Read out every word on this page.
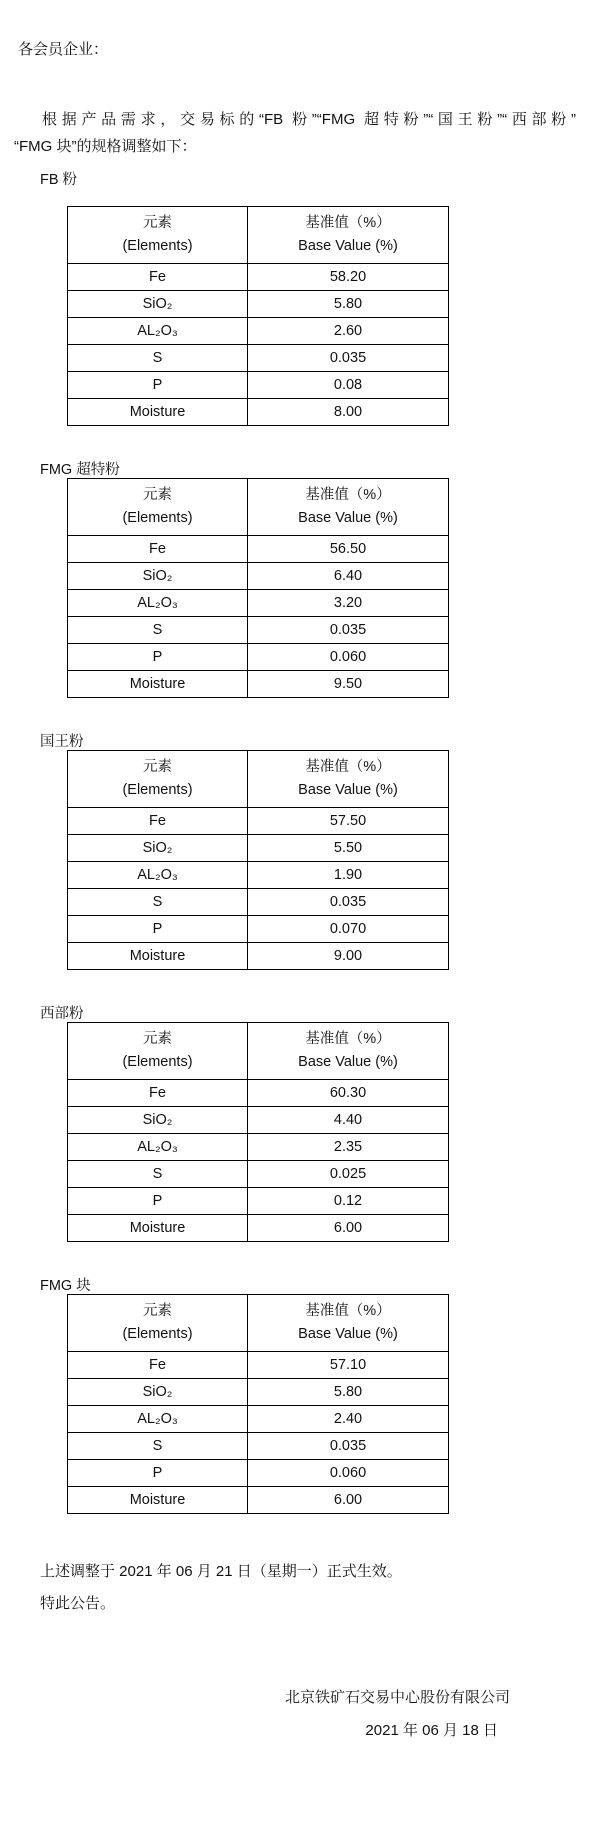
各会员企业：
根据产品需求，交易标的“FB 粉”“FMG 超特粉”“国王粉”“西部粉”
“FMG 块”的规格调整如下：
FB 粉
元素
(Elements)

基准值（%）
Base Value (%)

Fe	58.20
SiO₂	5.80
AL₂O₃	2.60
S	0.035
P	0.08
Moisture	8.00
FMG 超特粉
元素
(Elements)

基准值（%）
Base Value (%)

Fe	56.50
SiO₂	6.40
AL₂O₃	3.20
S	0.035
P	0.060
Moisture	9.50
国王粉
元素
(Elements)

基准值（%）
Base Value (%)

Fe	57.50
SiO₂	5.50
AL₂O₃	1.90
S	0.035
P	0.070
Moisture	9.00
西部粉
元素
(Elements)

基准值（%）
Base Value (%)

Fe	60.30
SiO₂	4.40
AL₂O₃	2.35
S	0.025
P	0.12
Moisture	6.00
FMG 块
元素
(Elements)

基准值（%）
Base Value (%)

Fe	57.10
SiO₂	5.80
AL₂O₃	2.40
S	0.035
P	0.060
Moisture	6.00
上述调整于 2021 年 06 月 21 日（星期一）正式生效。
特此公告。
北京铁矿石交易中心股份有限公司
2021 年 06 月 18 日
